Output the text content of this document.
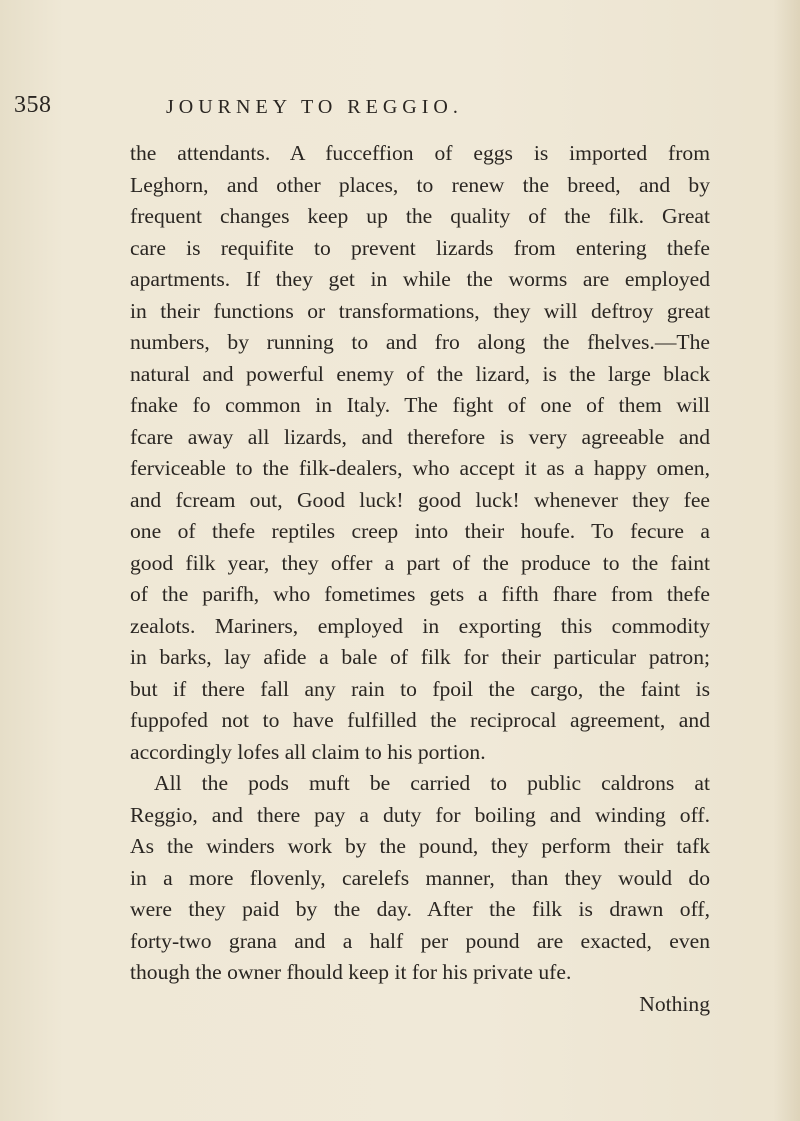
358	JOURNEY TO REGGIO.
the attendants. A fucceffion of eggs is imported from
Leghorn, and other places, to renew the breed, and by
frequent changes keep up the quality of the filk. Great
care is requifite to prevent lizards from entering thefe
apartments. If they get in while the worms are employed
in their functions or transformations, they will deftroy great
numbers, by running to and fro along the fhelves.—The
natural and powerful enemy of the lizard, is the large black
fnake fo common in Italy. The fight of one of them will
fcare away all lizards, and therefore is very agreeable and
ferviceable to the filk-dealers, who accept it as a happy omen,
and fcream out, Good luck! good luck! whenever they fee
one of thefe reptiles creep into their houfe. To fecure a
good filk year, they offer a part of the produce to the faint
of the parifh, who fometimes gets a fifth fhare from thefe
zealots. Mariners, employed in exporting this commodity
in barks, lay afide a bale of filk for their particular patron;
but if there fall any rain to fpoil the cargo, the faint is
fuppofed not to have fulfilled the reciprocal agreement, and
accordingly lofes all claim to his portion.
All the pods muft be carried to public caldrons at
Reggio, and there pay a duty for boiling and winding off.
As the winders work by the pound, they perform their tafk
in a more flovenly, carelefs manner, than they would do
were they paid by the day. After the filk is drawn off,
forty-two grana and a half per pound are exacted, even
though the owner fhould keep it for his private ufe.
Nothing
